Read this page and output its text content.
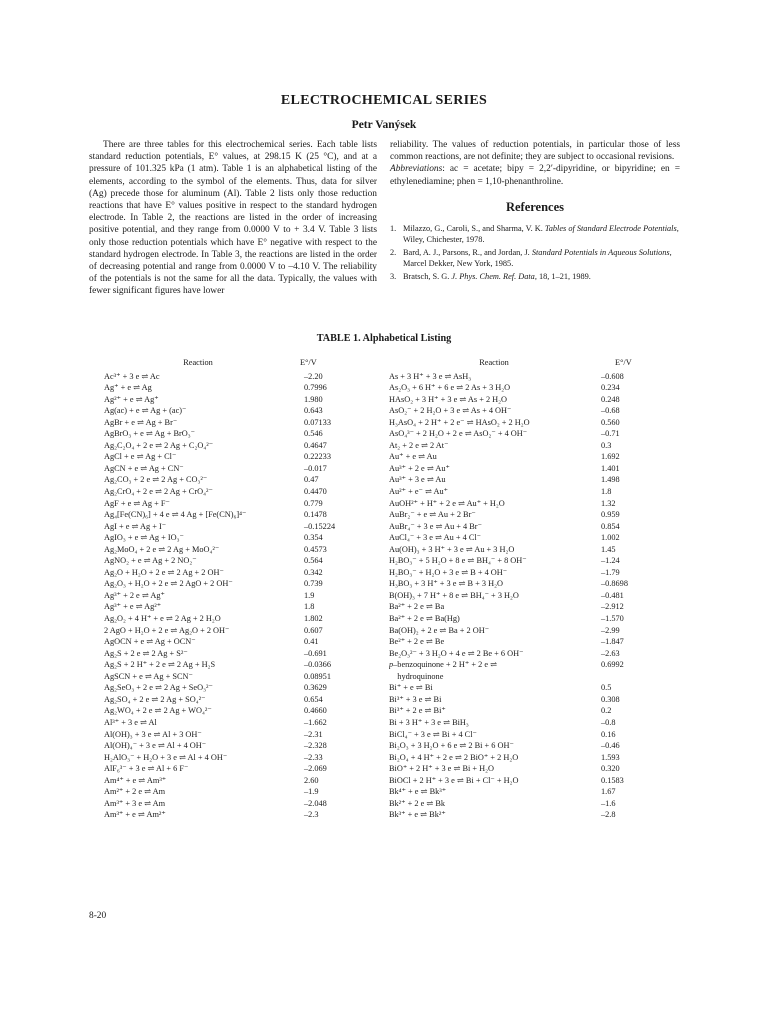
ELECTROCHEMICAL SERIES
Petr Vanýsek

There are three tables for this electrochemical series. Each table lists standard reduction potentials, E° values, at 298.15 K (25 °C), and at a pressure of 101.325 kPa (1 atm). Table 1 is an alphabetical listing of the elements, according to the symbol of the elements. Thus, data for silver (Ag) precede those for aluminum (Al). Table 2 lists only those reduction reactions that have E° values positive in respect to the standard hydrogen electrode. In Table 2, the reactions are listed in the order of increasing positive potential, and they range from 0.0000 V to + 3.4 V. Table 3 lists only those reduction potentials which have E° negative with respect to the standard hydrogen electrode. In Table 3, the reactions are listed in the order of decreasing potential and range from 0.0000 V to –4.10 V. The reliability of the potentials is not the same for all the data. Typically, the values with fewer significant figures have lower

reliability. The values of reduction potentials, in particular those of less common reactions, are not definite; they are subject to occasional revisions.

Abbreviations: ac = acetate; bipy = 2,2′-dipyridine, or bipyridine; en = ethylenediamine; phen = 1,10-phenanthroline.

References
1. Milazzo, G., Caroli, S., and Sharma, V. K. Tables of Standard Electrode Potentials, Wiley, Chichester, 1978.
2. Bard, A. J., Parsons, R., and Jordan, J. Standard Potentials in Aqueous Solutions, Marcel Dekker, New York, 1985.
3. Bratsch, S. G. J. Phys. Chem. Ref. Data, 18, 1–21, 1989.
TABLE 1. Alphabetical Listing
Reaction	E°/V
Ac³⁺ + 3 e ⇌ Ac	–2.20
Ag⁺ + e ⇌ Ag	0.7996
Ag²⁺ + e ⇌ Ag⁺	1.980
Ag(ac) + e ⇌ Ag + (ac)⁻	0.643
AgBr + e ⇌ Ag + Br⁻	0.07133
AgBrO₃ + e ⇌ Ag + BrO₃⁻	0.546
Ag₂C₂O₄ + 2 e ⇌ 2 Ag + C₂O₄²⁻	0.4647
AgCl + e ⇌ Ag + Cl⁻	0.22233
AgCN + e ⇌ Ag + CN⁻	–0.017
Ag₂CO₃ + 2 e ⇌ 2 Ag + CO₃²⁻	0.47
Ag₂CrO₄ + 2 e ⇌ 2 Ag + CrO₄²⁻	0.4470
AgF + e ⇌ Ag + F⁻	0.779
Ag₄[Fe(CN)₆] + 4 e ⇌ 4 Ag + [Fe(CN)₆]⁴⁻	0.1478
AgI + e ⇌ Ag + I⁻	–0.15224
AgIO₃ + e ⇌ Ag + IO₃⁻	0.354
Ag₂MoO₄ + 2 e ⇌ 2 Ag + MoO₄²⁻	0.4573
AgNO₂ + e ⇌ Ag + 2 NO₂⁻	0.564
Ag₂O + H₂O + 2 e ⇌ 2 Ag + 2 OH⁻	0.342
Ag₂O₃ + H₂O + 2 e ⇌ 2 AgO + 2 OH⁻	0.739
Ag³⁺ + 2 e ⇌ Ag⁺	1.9
Ag³⁺ + e ⇌ Ag²⁺	1.8
Ag₂O₂ + 4 H⁺ + e ⇌ 2 Ag + 2 H₂O	1.802
2 AgO + H₂O + 2 e ⇌ Ag₂O + 2 OH⁻	0.607
AgOCN + e ⇌ Ag + OCN⁻	0.41
Ag₂S + 2 e ⇌ 2 Ag + S²⁻	–0.691
Ag₂S + 2 H⁺ + 2 e ⇌ 2 Ag + H₂S	–0.0366
AgSCN + e ⇌ Ag + SCN⁻	0.08951
Ag₂SeO₃ + 2 e ⇌ 2 Ag + SeO₃²⁻	0.3629
Ag₂SO₄ + 2 e ⇌ 2 Ag + SO₄²⁻	0.654
Ag₂WO₄ + 2 e ⇌ 2 Ag + WO₄²⁻	0.4660
Al³⁺ + 3 e ⇌ Al	–1.662
Al(OH)₃ + 3 e ⇌ Al + 3 OH⁻	–2.31
Al(OH)₄⁻ + 3 e ⇌ Al + 4 OH⁻	–2.328
H₂AlO₃⁻ + H₂O + 3 e ⇌ Al + 4 OH⁻	–2.33
AlF₆³⁻ + 3 e ⇌ Al + 6 F⁻	–2.069
Am⁴⁺ + e ⇌ Am³⁺	2.60
Am²⁺ + 2 e ⇌ Am	–1.9
Am³⁺ + 3 e ⇌ Am	–2.048
Am³⁺ + e ⇌ Am²⁺	–2.3
Reaction	E°/V
As + 3 H⁺ + 3 e ⇌ AsH₃	–0.608
As₂O₃ + 6 H⁺ + 6 e ⇌ 2 As + 3 H₂O	0.234
HAsO₂ + 3 H⁺ + 3 e ⇌ As + 2 H₂O	0.248
AsO₂⁻ + 2 H₂O + 3 e ⇌ As + 4 OH⁻	–0.68
H₃AsO₄ + 2 H⁺ + 2 e⁻ ⇌ HAsO₂ + 2 H₂O	0.560
AsO₄³⁻ + 2 H₂O + 2 e ⇌ AsO₂⁻ + 4 OH⁻	–0.71
At₂ + 2 e ⇌ 2 At⁻	0.3
Au⁺ + e ⇌ Au	1.692
Au³⁺ + 2 e ⇌ Au⁺	1.401
Au³⁺ + 3 e ⇌ Au	1.498
Au²⁺ + e⁻ ⇌ Au⁺	1.8
AuOH²⁺ + H⁺ + 2 e ⇌ Au⁺ + H₂O	1.32
AuBr₂⁻ + e ⇌ Au + 2 Br⁻	0.959
AuBr₄⁻ + 3 e ⇌ Au + 4 Br⁻	0.854
AuCl₄⁻ + 3 e ⇌ Au + 4 Cl⁻	1.002
Au(OH)₃ + 3 H⁺ + 3 e ⇌ Au + 3 H₂O	1.45
H₂BO₃⁻ + 5 H₂O + 8 e ⇌ BH₄⁻ + 8 OH⁻	–1.24
H₂BO₃⁻ + H₂O + 3 e ⇌ B + 4 OH⁻	–1.79
H₃BO₃ + 3 H⁺ + 3 e ⇌ B + 3 H₂O	–0.8698
B(OH)₃ + 7 H⁺ + 8 e ⇌ BH₄⁻ + 3 H₂O	–0.481
Ba²⁺ + 2 e ⇌ Ba	–2.912
Ba²⁺ + 2 e ⇌ Ba(Hg)	–1.570
Ba(OH)₂ + 2 e ⇌ Ba + 2 OH⁻	–2.99
Be²⁺ + 2 e ⇌ Be	–1.847
Be₂O₃²⁻ + 3 H₂O + 4 e ⇌ 2 Be + 6 OH⁻	–2.63
p–benzoquinone + 2 H⁺ + 2 e ⇌	0.6992
hydroquinone
Bi⁺ + e ⇌ Bi	0.5
Bi³⁺ + 3 e ⇌ Bi	0.308
Bi³⁺ + 2 e ⇌ Bi⁺	0.2
Bi + 3 H⁺ + 3 e ⇌ BiH₃	–0.8
BiCl₄⁻ + 3 e ⇌ Bi + 4 Cl⁻	0.16
Bi₂O₃ + 3 H₂O + 6 e ⇌ 2 Bi + 6 OH⁻	–0.46
Bi₂O₄ + 4 H⁺ + 2 e ⇌ 2 BiO⁺ + 2 H₂O	1.593
BiO⁺ + 2 H⁺ + 3 e ⇌ Bi + H₂O	0.320
BiOCl + 2 H⁺ + 3 e ⇌ Bi + Cl⁻ + H₂O	0.1583
Bk⁴⁺ + e ⇌ Bk³⁺	1.67
Bk²⁺ + 2 e ⇌ Bk	–1.6
Bk³⁺ + e ⇌ Bk²⁺	–2.8
8-20
